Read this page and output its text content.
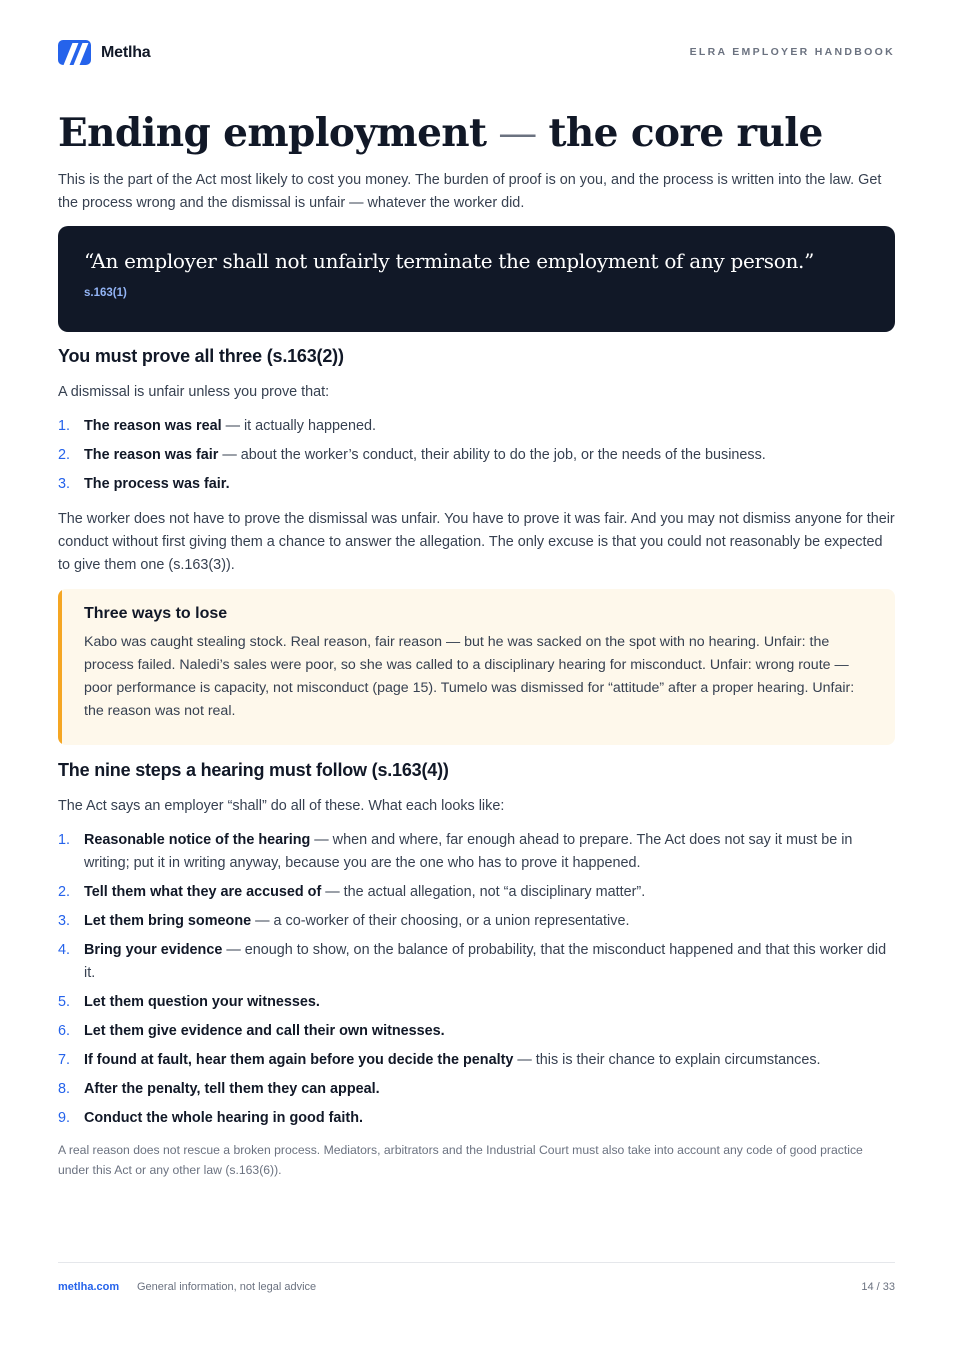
Metlha	ELRA EMPLOYER HANDBOOK
Ending employment — the core rule

This is the part of the Act most likely to cost you money. The burden of proof is on you, and the process is written into the law. Get the process wrong and the dismissal is unfair — whatever the worker did.

“An employer shall not unfairly terminate the employment of any person.”
s.163(1)
You must prove all three (s.163(2))

A dismissal is unfair unless you prove that:

1. The reason was real — it actually happened.
2. The reason was fair — about the worker’s conduct, their ability to do the job, or the needs of the business.
3. The process was fair.

The worker does not have to prove the dismissal was unfair. You have to prove it was fair. And you may not dismiss anyone for their conduct without first giving them a chance to answer the allegation. The only excuse is that you could not reasonably be expected to give them one (s.163(3)).

Three ways to lose
Kabo was caught stealing stock. Real reason, fair reason — but he was sacked on the spot with no hearing. Unfair: the process failed. Naledi’s sales were poor, so she was called to a disciplinary hearing for misconduct. Unfair: wrong route — poor performance is capacity, not misconduct (page 15). Tumelo was dismissed for “attitude” after a proper hearing. Unfair: the reason was not real.
The nine steps a hearing must follow (s.163(4))

The Act says an employer “shall” do all of these. What each looks like:

1. Reasonable notice of the hearing — when and where, far enough ahead to prepare. The Act does not say it must be in writing; put it in writing anyway, because you are the one who has to prove it happened.
2. Tell them what they are accused of — the actual allegation, not “a disciplinary matter”.
3. Let them bring someone — a co-worker of their choosing, or a union representative.
4. Bring your evidence — enough to show, on the balance of probability, that the misconduct happened and that this worker did it.
5. Let them question your witnesses.
6. Let them give evidence and call their own witnesses.
7. If found at fault, hear them again before you decide the penalty — this is their chance to explain circumstances.
8. After the penalty, tell them they can appeal.
9. Conduct the whole hearing in good faith.

A real reason does not rescue a broken process. Mediators, arbitrators and the Industrial Court must also take into account any code of good practice under this Act or any other law (s.163(6)).

metlha.com General information, not legal advice	14 / 33
